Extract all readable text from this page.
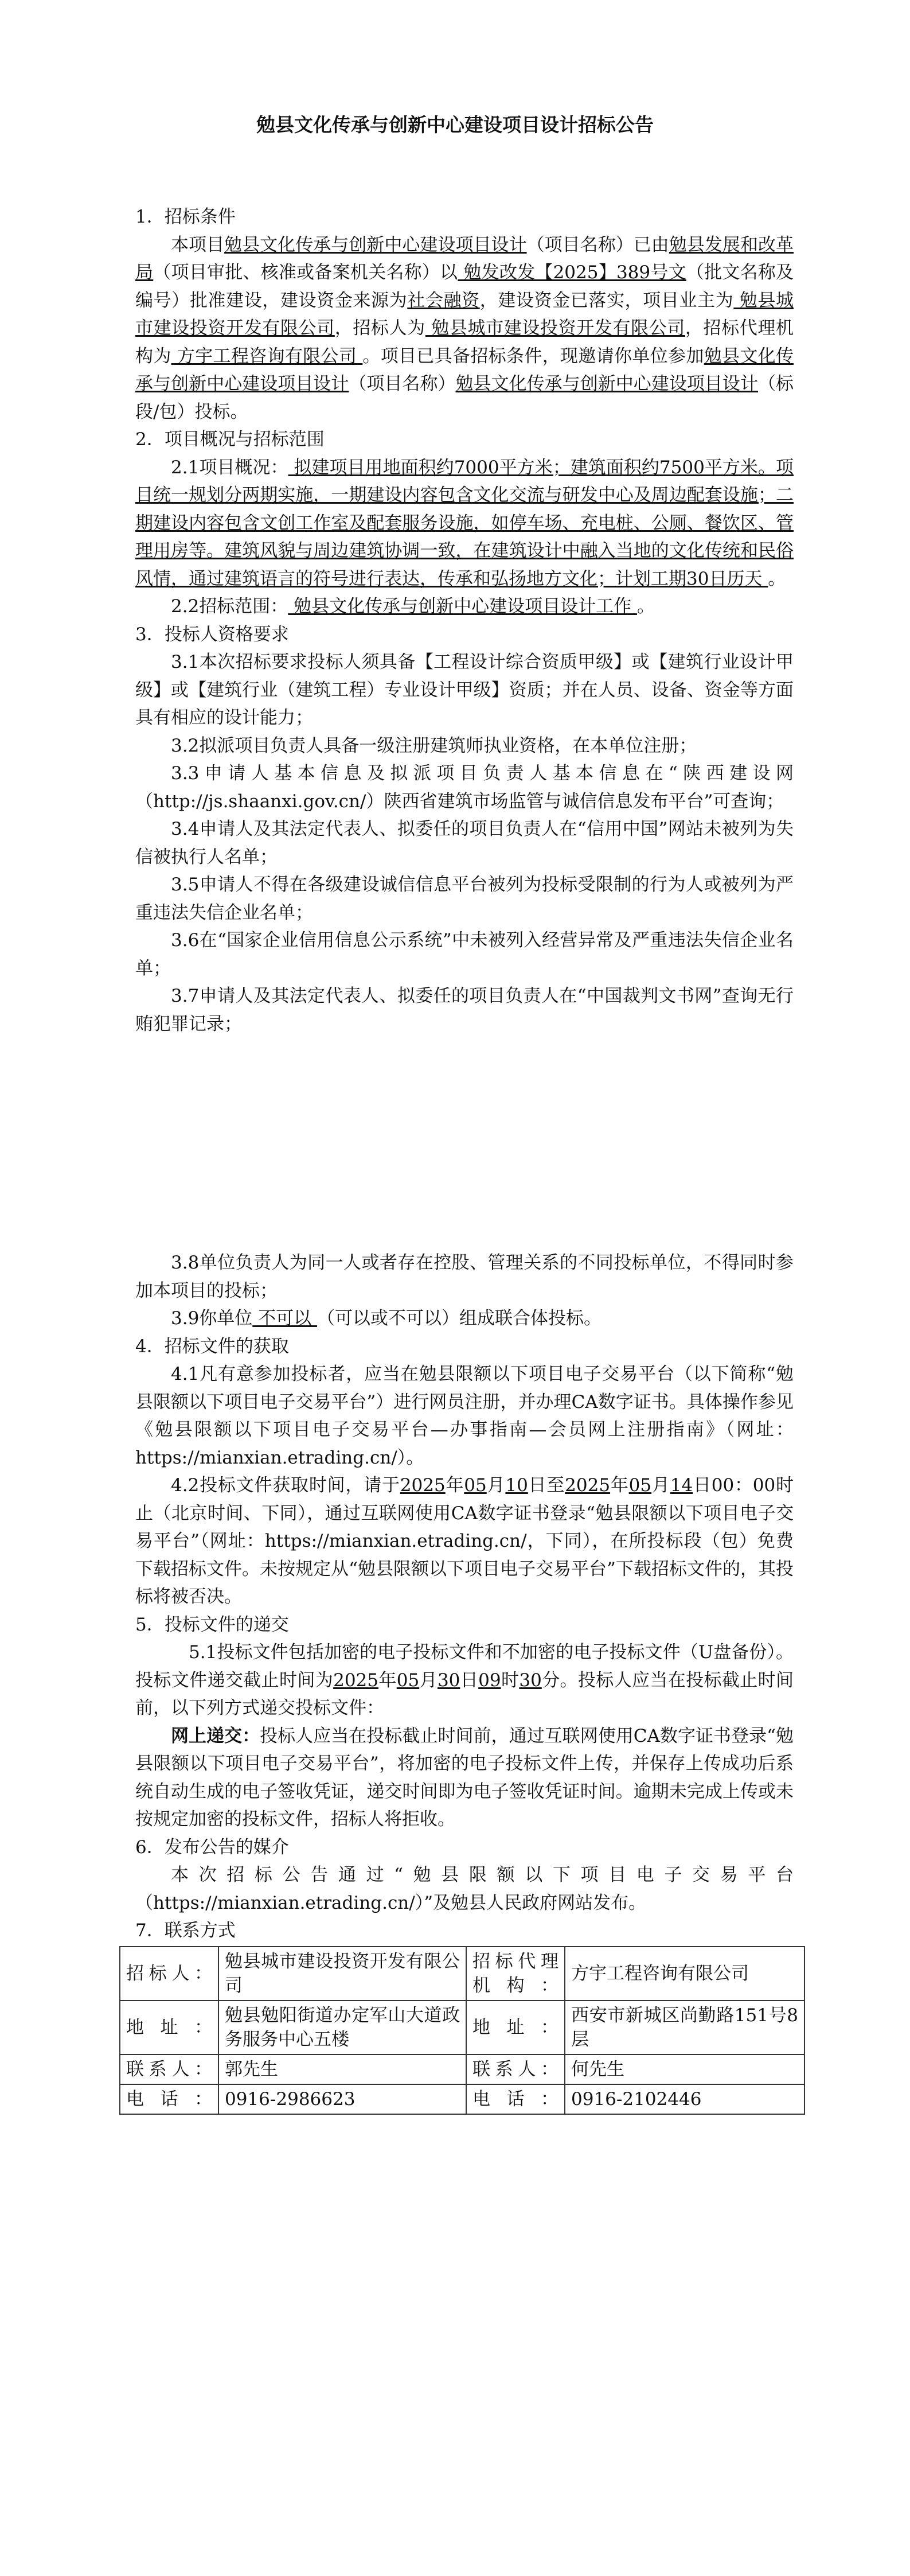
勉县文化传承与创新中心建设项目设计招标公告

1．招标条件

本项目勉县文化传承与创新中心建设项目设计（项目名称）已由勉县发展和改革局（项目审批、核准或备案机关名称）以 勉发改发【2025】389号文（批文名称及编号）批准建设，建设资金来源为社会融资，建设资金已落实，项目业主为 勉县城市建设投资开发有限公司，招标人为 勉县城市建设投资开发有限公司，招标代理机构为 方宇工程咨询有限公司 。项目已具备招标条件，现邀请你单位参加勉县文化传承与创新中心建设项目设计（项目名称）勉县文化传承与创新中心建设项目设计（标段/包）投标。

2．项目概况与招标范围

2.1项目概况： 拟建项目用地面积约7000平方米；建筑面积约7500平方米。项目统一规划分两期实施，一期建设内容包含文化交流与研发中心及周边配套设施；二期建设内容包含文创工作室及配套服务设施，如停车场、充电桩、公厕、餐饮区、管理用房等。建筑风貌与周边建筑协调一致，在建筑设计中融入当地的文化传统和民俗风情，通过建筑语言的符号进行表达，传承和弘扬地方文化；计划工期30日历天 。

2.2招标范围： 勉县文化传承与创新中心建设项目设计工作 。

3．投标人资格要求

3.1本次招标要求投标人须具备【工程设计综合资质甲级】或【建筑行业设计甲级】或【建筑行业（建筑工程）专业设计甲级】资质；并在人员、设备、资金等方面具有相应的设计能力；

3.2拟派项目负责人具备一级注册建筑师执业资格，在本单位注册；

3.3申请人基本信息及拟派项目负责人基本信息在“陕西建设网（http://js.shaanxi.gov.cn/）陕西省建筑市场监管与诚信信息发布平台”可查询；

3.4申请人及其法定代表人、拟委任的项目负责人在“信用中国”网站未被列为失信被执行人名单；

3.5申请人不得在各级建设诚信信息平台被列为投标受限制的行为人或被列为严重违法失信企业名单；

3.6在“国家企业信用信息公示系统”中未被列入经营异常及严重违法失信企业名单；

3.7申请人及其法定代表人、拟委任的项目负责人在“中国裁判文书网”查询无行贿犯罪记录；

3.8单位负责人为同一人或者存在控股、管理关系的不同投标单位，不得同时参加本项目的投标；

3.9你单位 不可以 （可以或不可以）组成联合体投标。

4．招标文件的获取

4.1凡有意参加投标者，应当在勉县限额以下项目电子交易平台（以下简称“勉县限额以下项目电子交易平台”）进行网员注册，并办理CA数字证书。具体操作参见《勉县限额以下项目电子交易平台—办事指南—会员网上注册指南》（网址：https://mianxian.etrading.cn/）。

4.2投标文件获取时间，请于2025年05月10日至2025年05月14日00：00时止（北京时间、下同），通过互联网使用CA数字证书登录“勉县限额以下项目电子交易平台”（网址：https://mianxian.etrading.cn/，下同），在所投标段（包）免费下载招标文件。未按规定从“勉县限额以下项目电子交易平台”下载招标文件的，其投标将被否决。

5．投标文件的递交

5.1投标文件包括加密的电子投标文件和不加密的电子投标文件（U盘备份）。投标文件递交截止时间为2025年05月30日09时30分。投标人应当在投标截止时间前，以下列方式递交投标文件：

网上递交：投标人应当在投标截止时间前，通过互联网使用CA数字证书登录“勉县限额以下项目电子交易平台”，将加密的电子投标文件上传，并保存上传成功后系统自动生成的电子签收凭证，递交时间即为电子签收凭证时间。逾期未完成上传或未按规定加密的投标文件，招标人将拒收。

6．发布公告的媒介

本次招标公告通过“勉县限额以下项目电子交易平台（https://mianxian.etrading.cn/）”及勉县人民政府网站发布。

7．联系方式

招标人：	勉县城市建设投资开发有限公司	招标代理机构：	方宇工程咨询有限公司
地址：	勉县勉阳街道办定军山大道政务服务中心五楼	地址：	西安市新城区尚勤路151号8层
联系人：	郭先生	联系人：	何先生
电话：	0916-2986623	电话：	0916-2102446
